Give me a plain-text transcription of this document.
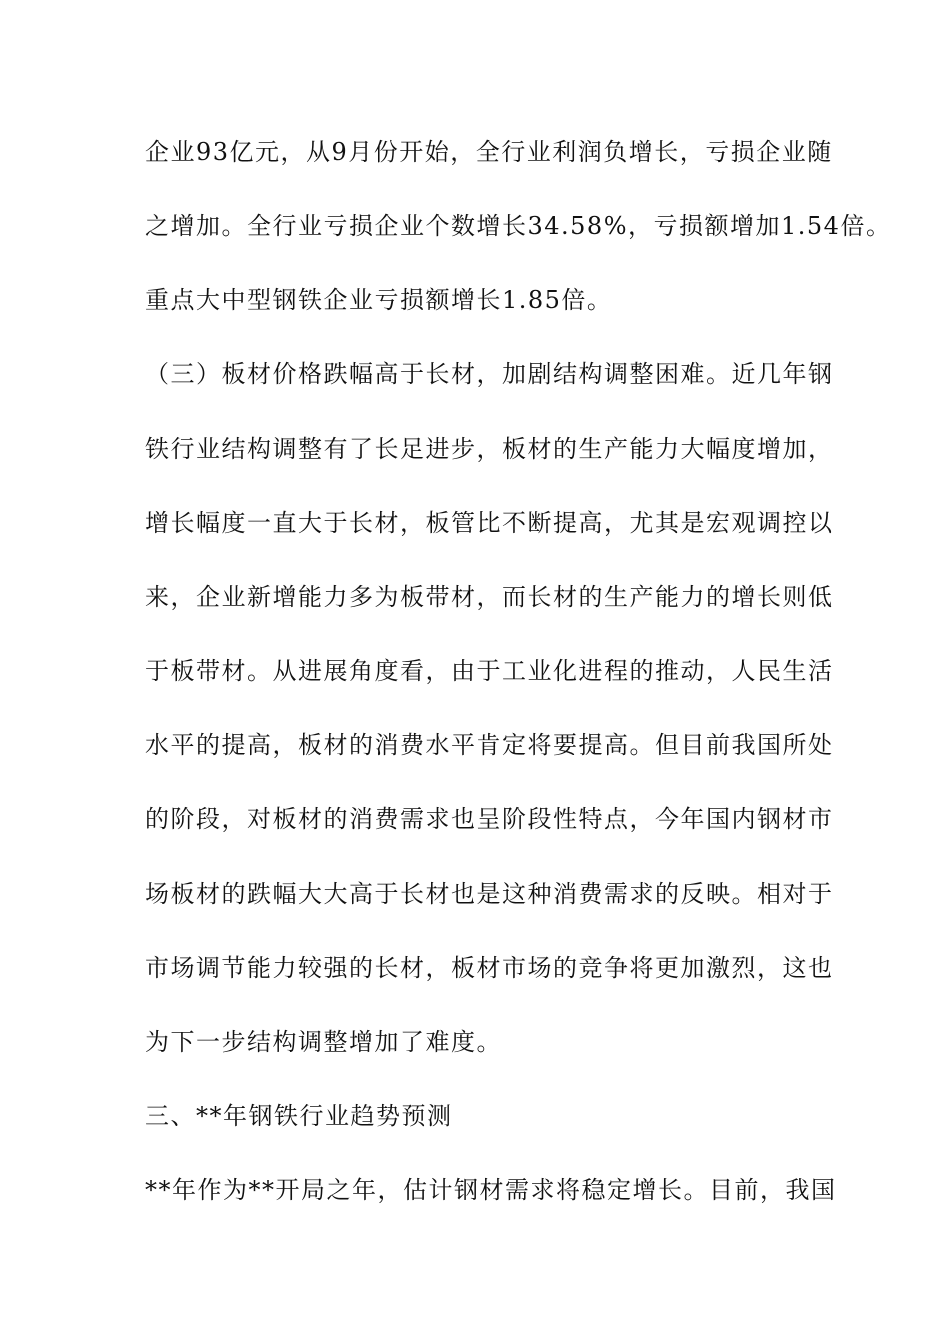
企业93亿元，从9月份开始，全行业利润负增长，亏损企业随
之增加。全行业亏损企业个数增长34.58%，亏损额增加1.54倍。
重点大中型钢铁企业亏损额增长1.85倍。
（三）板材价格跌幅高于长材，加剧结构调整困难。近几年钢
铁行业结构调整有了长足进步，板材的生产能力大幅度增加，
增长幅度一直大于长材，板管比不断提高，尤其是宏观调控以
来，企业新增能力多为板带材，而长材的生产能力的增长则低
于板带材。从进展角度看，由于工业化进程的推动，人民生活
水平的提高，板材的消费水平肯定将要提高。但目前我国所处
的阶段，对板材的消费需求也呈阶段性特点，今年国内钢材市
场板材的跌幅大大高于长材也是这种消费需求的反映。相对于
市场调节能力较强的长材，板材市场的竞争将更加激烈，这也
为下一步结构调整增加了难度。
三、**年钢铁行业趋势预测
**年作为**开局之年，估计钢材需求将稳定增长。目前，我国
